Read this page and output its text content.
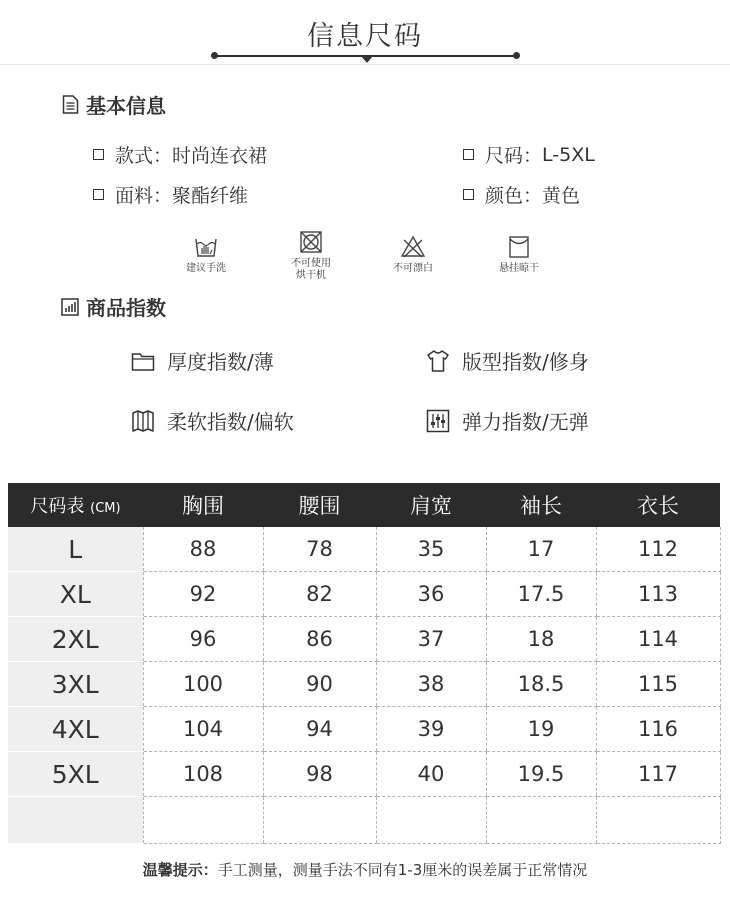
信息尺码
基本信息
款式 ： 时尚连衣裙	尺码 ： L-5XL
面料 ： 聚酯纤维	颜色 ： 黄色
建议手洗	不可使用
烘干机
不可漂白	悬挂晾干
商品指数
厚度指数/薄	版型指数/修身
柔软指数/偏软	弹力指数/无弹
尺码表 (CM)	胸围	腰围	肩宽	袖长	衣长
L	88	78	35	17	112
XL	92	82	36	17.5	113
2XL	96	86	37	18	114
3XL	100	90	38	18.5	115
4XL	104	94	39	19	116
5XL	108	98	40	19.5	117

温馨提示：手工测量，测量手法不同有1-3厘米的误差属于正常情况
